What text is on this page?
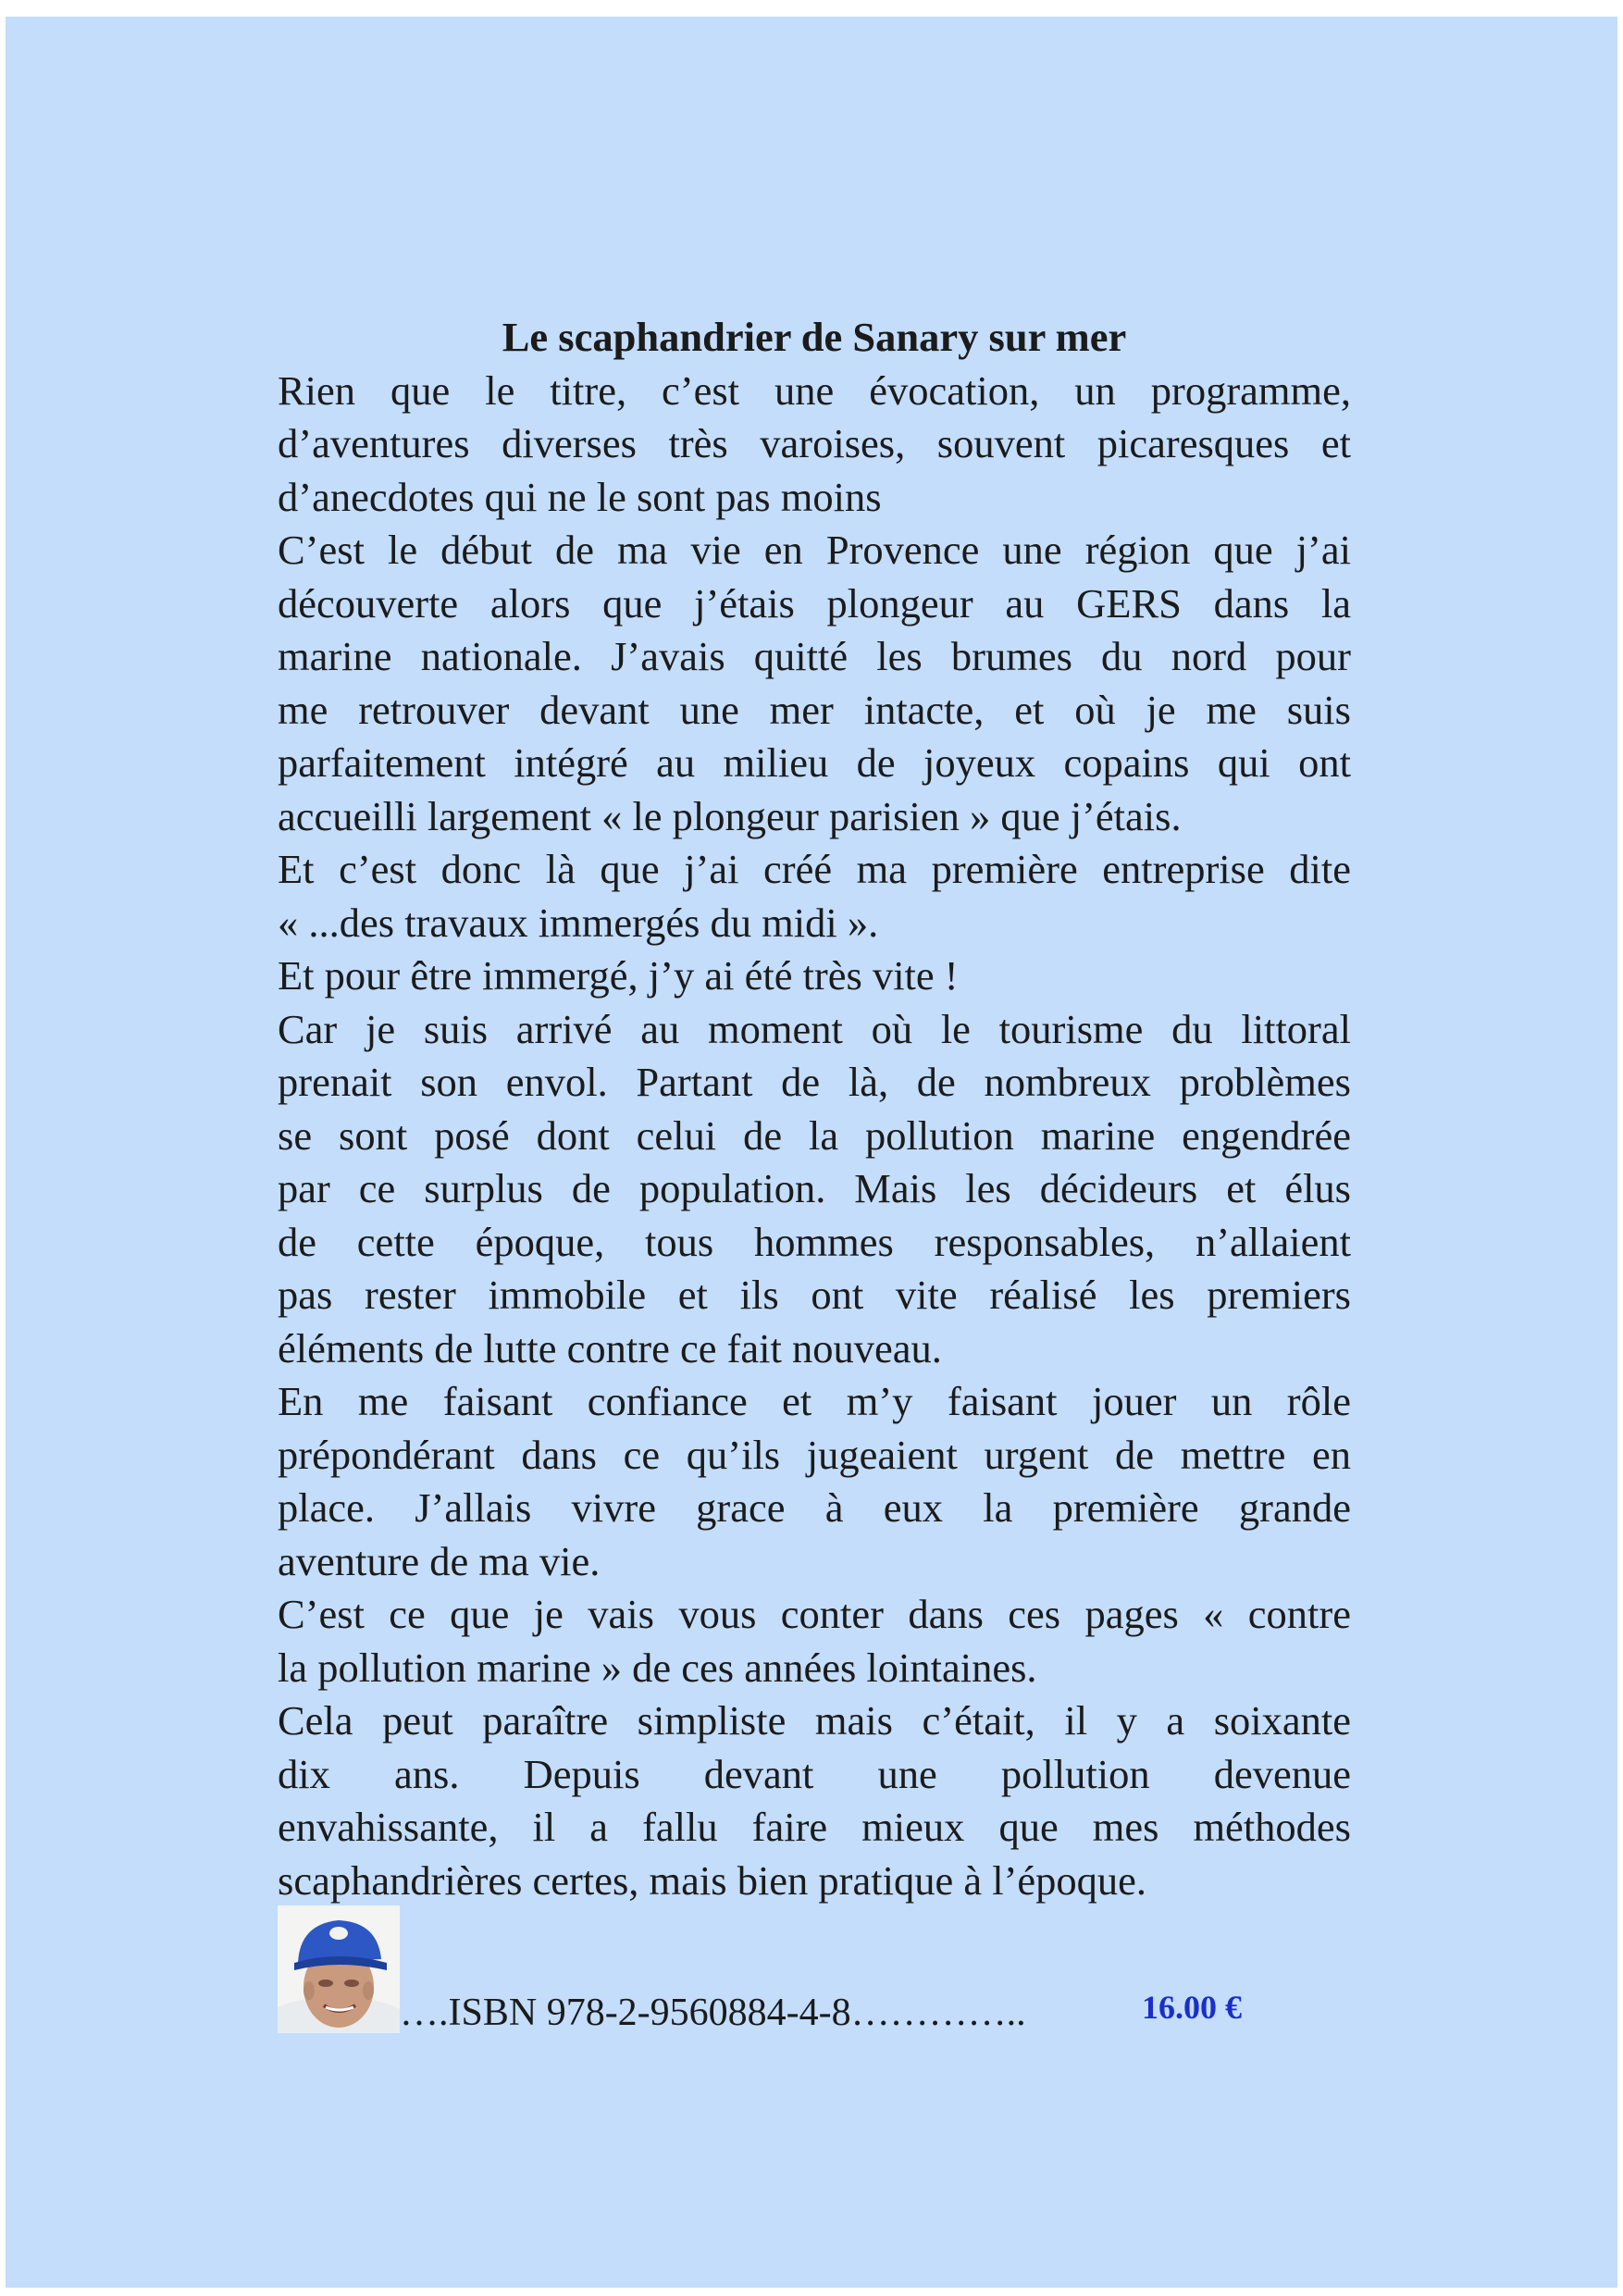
Le scaphandrier de Sanary sur mer
Rien que le titre, c’est une évocation, un programme,
d’aventures diverses très varoises, souvent picaresques et
d’anecdotes qui ne le sont pas moins
C’est le début de ma vie en Provence une région que j’ai
découverte alors que j’étais plongeur au GERS dans la
marine nationale. J’avais quitté les brumes du nord pour
me retrouver devant une mer intacte, et où je me suis
parfaitement intégré au milieu de joyeux copains qui ont
accueilli largement « le plongeur parisien » que j’étais.
Et c’est donc là que j’ai créé ma première entreprise dite
« ...des travaux immergés du midi ».
Et pour être immergé, j’y ai été très vite !
Car je suis arrivé au moment où le tourisme du littoral
prenait son envol. Partant de là, de nombreux problèmes
se sont posé dont celui de la pollution marine engendrée
par ce surplus de population. Mais les décideurs et élus
de cette époque, tous hommes responsables, n’allaient
pas rester immobile et ils ont vite réalisé les premiers
éléments de lutte contre ce fait nouveau.
En me faisant confiance et m’y faisant jouer un rôle
prépondérant dans ce qu’ils jugeaient urgent de mettre en
place. J’allais vivre grace à eux la première grande
aventure de ma vie.
C’est ce que je vais vous conter dans ces pages « contre
la pollution marine » de ces années lointaines.
Cela peut paraître simpliste mais c’était, il y a soixante
dix ans. Depuis devant une pollution devenue
envahissante, il a fallu faire mieux que mes méthodes
scaphandrières certes, mais bien pratique à l’époque.
….ISBN 978-2-9560884-4-8…………..	16.00 €
